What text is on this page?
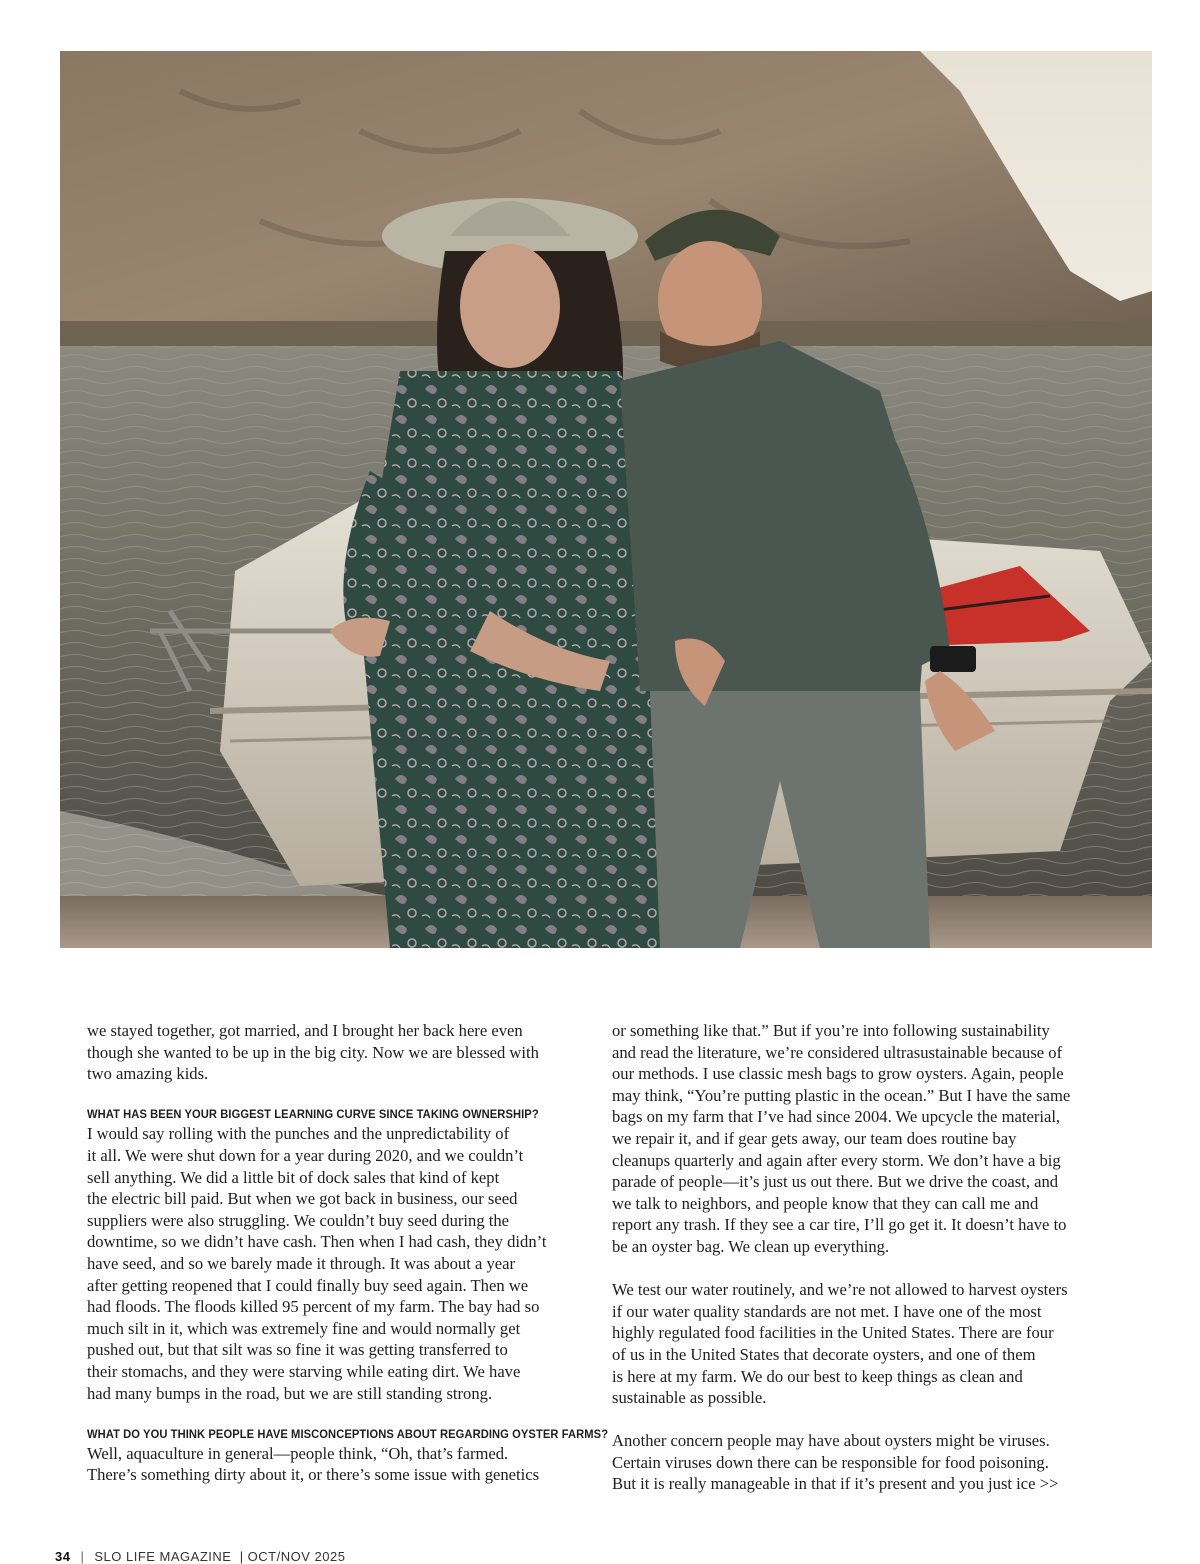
we stayed together, got married, and I brought her back here even
though she wanted to be up in the big city. Now we are blessed with
two amazing kids.

WHAT HAS BEEN YOUR BIGGEST LEARNING CURVE SINCE TAKING OWNERSHIP?

I would say rolling with the punches and the unpredictability of
it all. We were shut down for a year during 2020, and we couldn’t
sell anything. We did a little bit of dock sales that kind of kept
the electric bill paid. But when we got back in business, our seed
suppliers were also struggling. We couldn’t buy seed during the
downtime, so we didn’t have cash. Then when I had cash, they didn’t
have seed, and so we barely made it through. It was about a year
after getting reopened that I could finally buy seed again. Then we
had floods. The floods killed 95 percent of my farm. The bay had so
much silt in it, which was extremely fine and would normally get
pushed out, but that silt was so fine it was getting transferred to
their stomachs, and they were starving while eating dirt. We have
had many bumps in the road, but we are still standing strong.

WHAT DO YOU THINK PEOPLE HAVE MISCONCEPTIONS ABOUT REGARDING OYSTER FARMS?

Well, aquaculture in general—people think, “Oh, that’s farmed.
There’s something dirty about it, or there’s some issue with genetics

or something like that.” But if you’re into following sustainability
and read the literature, we’re considered ultrasustainable because of
our methods. I use classic mesh bags to grow oysters. Again, people
may think, “You’re putting plastic in the ocean.” But I have the same
bags on my farm that I’ve had since 2004. We upcycle the material,
we repair it, and if gear gets away, our team does routine bay
cleanups quarterly and again after every storm. We don’t have a big
parade of people—it’s just us out there. But we drive the coast, and
we talk to neighbors, and people know that they can call me and
report any trash. If they see a car tire, I’ll go get it. It doesn’t have to
be an oyster bag. We clean up everything.

We test our water routinely, and we’re not allowed to harvest oysters
if our water quality standards are not met. I have one of the most
highly regulated food facilities in the United States. There are four
of us in the United States that decorate oysters, and one of them
is here at my farm. We do our best to keep things as clean and
sustainable as possible.

Another concern people may have about oysters might be viruses.
Certain viruses down there can be responsible for food poisoning.
But it is really manageable in that if it’s present and you just ice >>

34 | SLO LIFE MAGAZINE | OCT/NOV 2025
